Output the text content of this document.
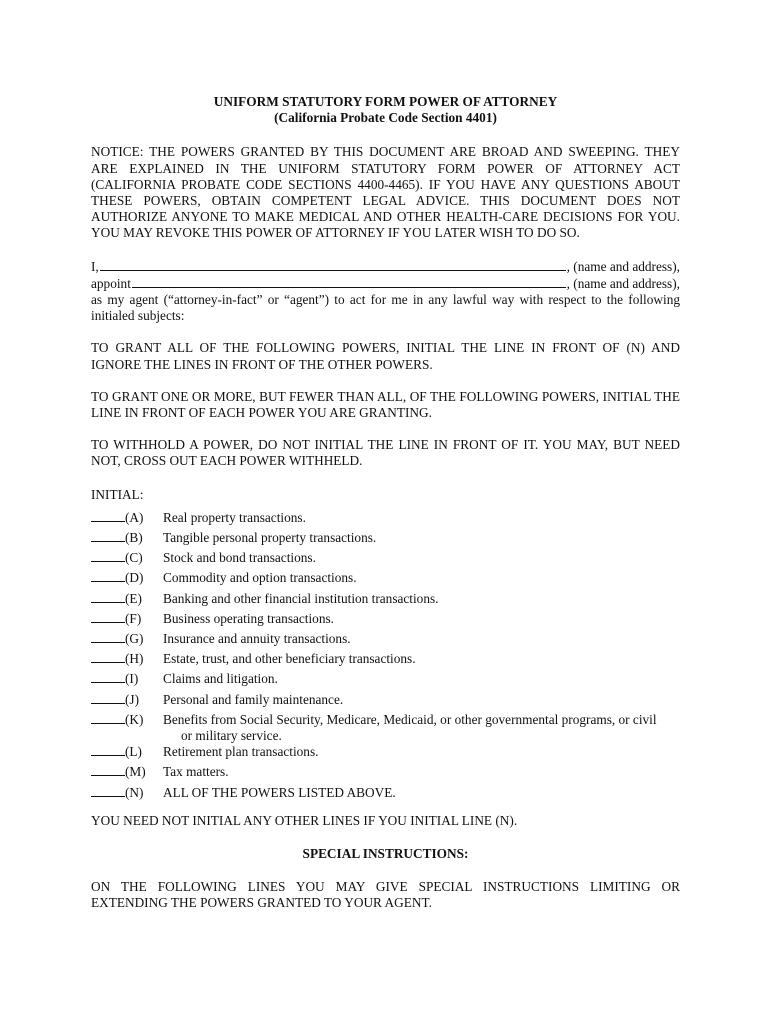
UNIFORM STATUTORY FORM POWER OF ATTORNEY

(California Probate Code Section 4401)

NOTICE: THE POWERS GRANTED BY THIS DOCUMENT ARE BROAD AND SWEEPING. THEY ARE EXPLAINED IN THE UNIFORM STATUTORY FORM POWER OF ATTORNEY ACT (CALIFORNIA PROBATE CODE SECTIONS 4400-4465). IF YOU HAVE ANY QUESTIONS ABOUT THESE POWERS, OBTAIN COMPETENT LEGAL ADVICE. THIS DOCUMENT DOES NOT AUTHORIZE ANYONE TO MAKE MEDICAL AND OTHER HEALTH-CARE DECISIONS FOR YOU. YOU MAY REVOKE THIS POWER OF ATTORNEY IF YOU LATER WISH TO DO SO.

I,	, (name and address),
appoint	, (name and address),

as my agent (“attorney-in-fact” or “agent”) to act for me in any lawful way with respect to the following initialed subjects:

TO GRANT ALL OF THE FOLLOWING POWERS, INITIAL THE LINE IN FRONT OF (N) AND IGNORE THE LINES IN FRONT OF THE OTHER POWERS.

TO GRANT ONE OR MORE, BUT FEWER THAN ALL, OF THE FOLLOWING POWERS, INITIAL THE LINE IN FRONT OF EACH POWER YOU ARE GRANTING.

TO WITHHOLD A POWER, DO NOT INITIAL THE LINE IN FRONT OF IT. YOU MAY, BUT NEED NOT, CROSS OUT EACH POWER WITHHELD.

INITIAL:

(A)	Real property transactions.
(B)	Tangible personal property transactions.
(C)	Stock and bond transactions.
(D)	Commodity and option transactions.
(E)	Banking and other financial institution transactions.
(F)	Business operating transactions.
(G)	Insurance and annuity transactions.
(H)	Estate, trust, and other beneficiary transactions.
(I)	Claims and litigation.
(J)	Personal and family maintenance.
(K)	Benefits from Social Security, Medicare, Medicaid, or other governmental programs, or civil
or military service.
(L)	Retirement plan transactions.
(M)	Tax matters.
(N)	ALL OF THE POWERS LISTED ABOVE.

YOU NEED NOT INITIAL ANY OTHER LINES IF YOU INITIAL LINE (N).

SPECIAL INSTRUCTIONS:

ON THE FOLLOWING LINES YOU MAY GIVE SPECIAL INSTRUCTIONS LIMITING OR EXTENDING THE POWERS GRANTED TO YOUR AGENT.
